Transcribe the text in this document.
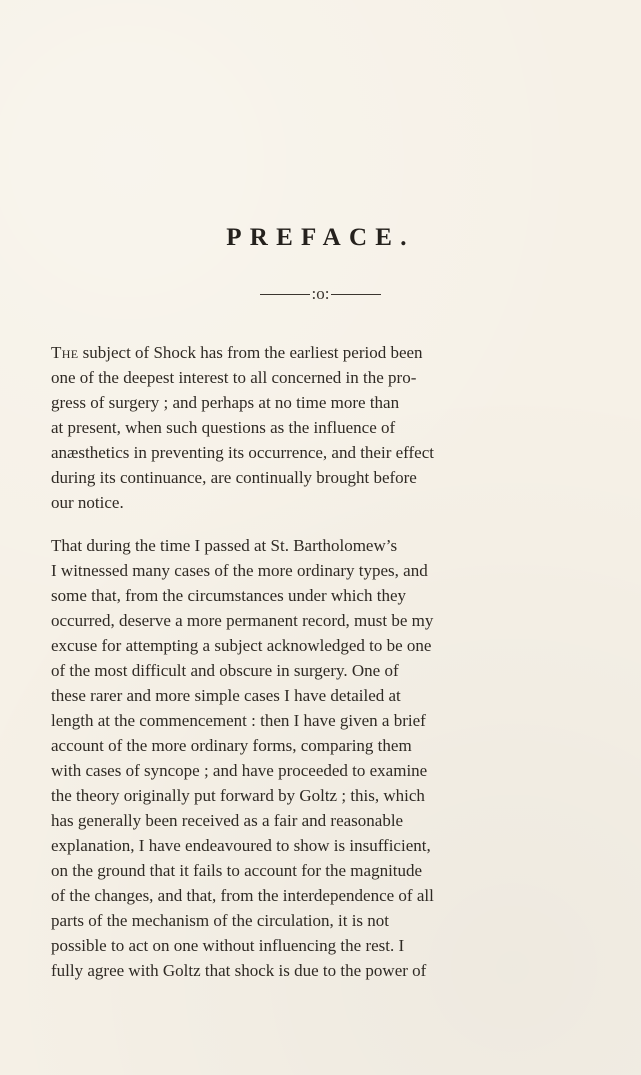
PREFACE.
:o:

The subject of Shock has from the earliest period been
one of the deepest interest to all concerned in the pro-
gress of surgery ; and perhaps at no time more than
at present, when such questions as the influence of
anæsthetics in preventing its occurrence, and their effect
during its continuance, are continually brought before
our notice.

That during the time I passed at St. Bartholomew’s
I witnessed many cases of the more ordinary types, and
some that, from the circumstances under which they
occurred, deserve a more permanent record, must be my
excuse for attempting a subject acknowledged to be one
of the most difficult and obscure in surgery. One of
these rarer and more simple cases I have detailed at
length at the commencement : then I have given a brief
account of the more ordinary forms, comparing them
with cases of syncope ; and have proceeded to examine
the theory originally put forward by Goltz ; this, which
has generally been received as a fair and reasonable
explanation, I have endeavoured to show is insufficient,
on the ground that it fails to account for the magnitude
of the changes, and that, from the interdependence of all
parts of the mechanism of the circulation, it is not
possible to act on one without influencing the rest. I
fully agree with Goltz that shock is due to the power of
